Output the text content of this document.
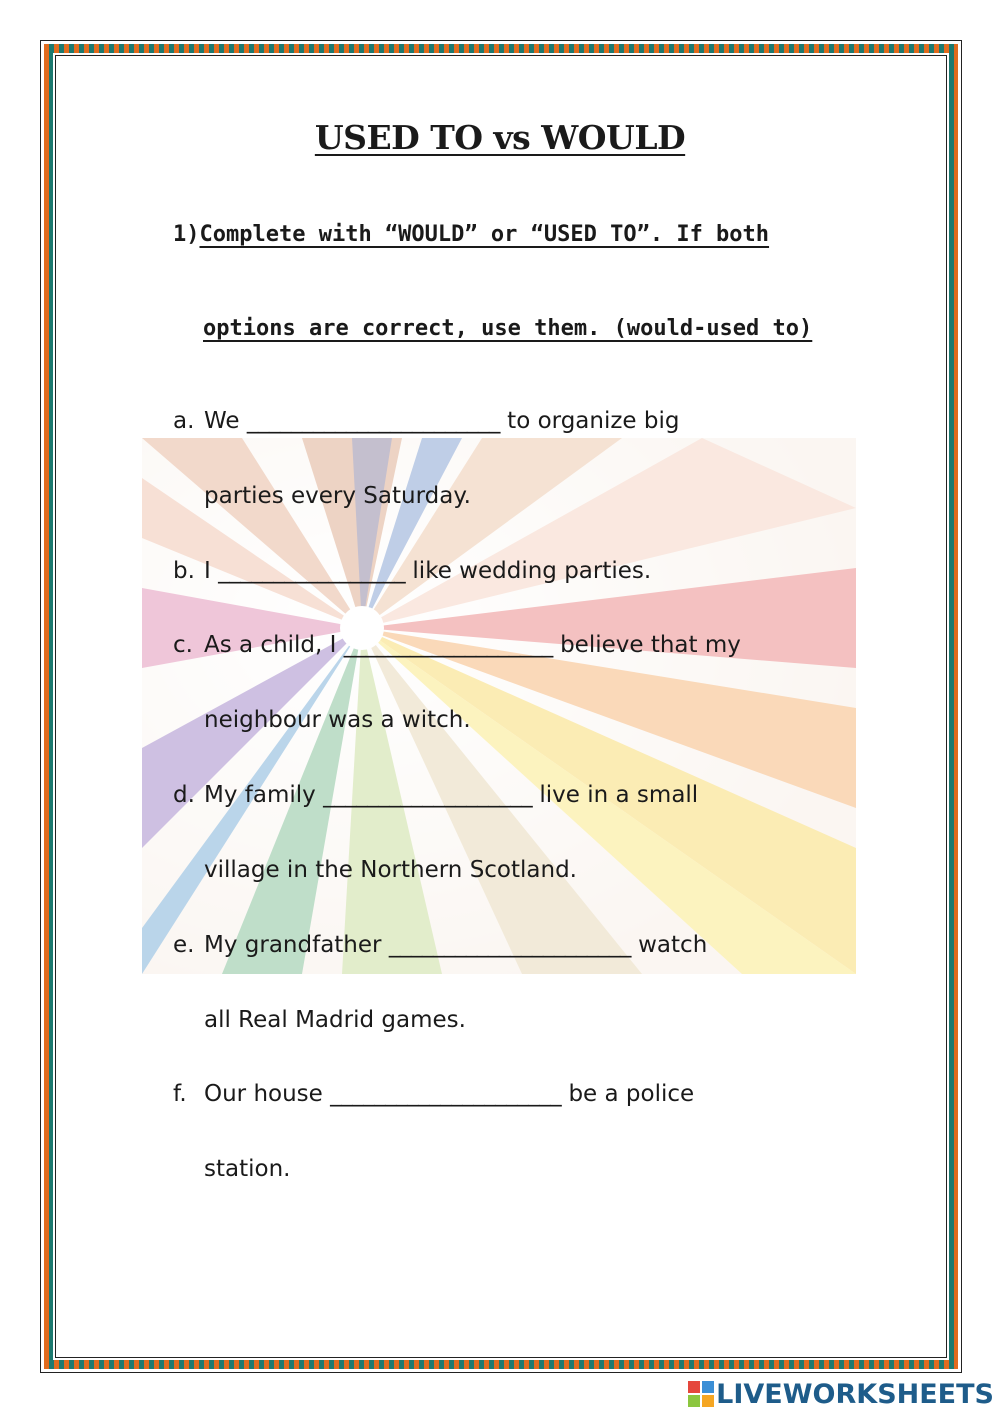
USED TO vs WOULD
1)Complete with “WOULD” or “USED TO”. If both
options are correct, use them. (would-used to)
a. We _______________________ to organize big
parties every Saturday.
b. I _________________ like wedding parties.
c. As a child, I ___________________ believe that my
neighbour was a witch.
d. My family ___________________ live in a small
village in the Northern Scotland.
e. My grandfather ______________________ watch
all Real Madrid games.
f. Our house _____________________ be a police
station.
LIVEWORKSHEETS
